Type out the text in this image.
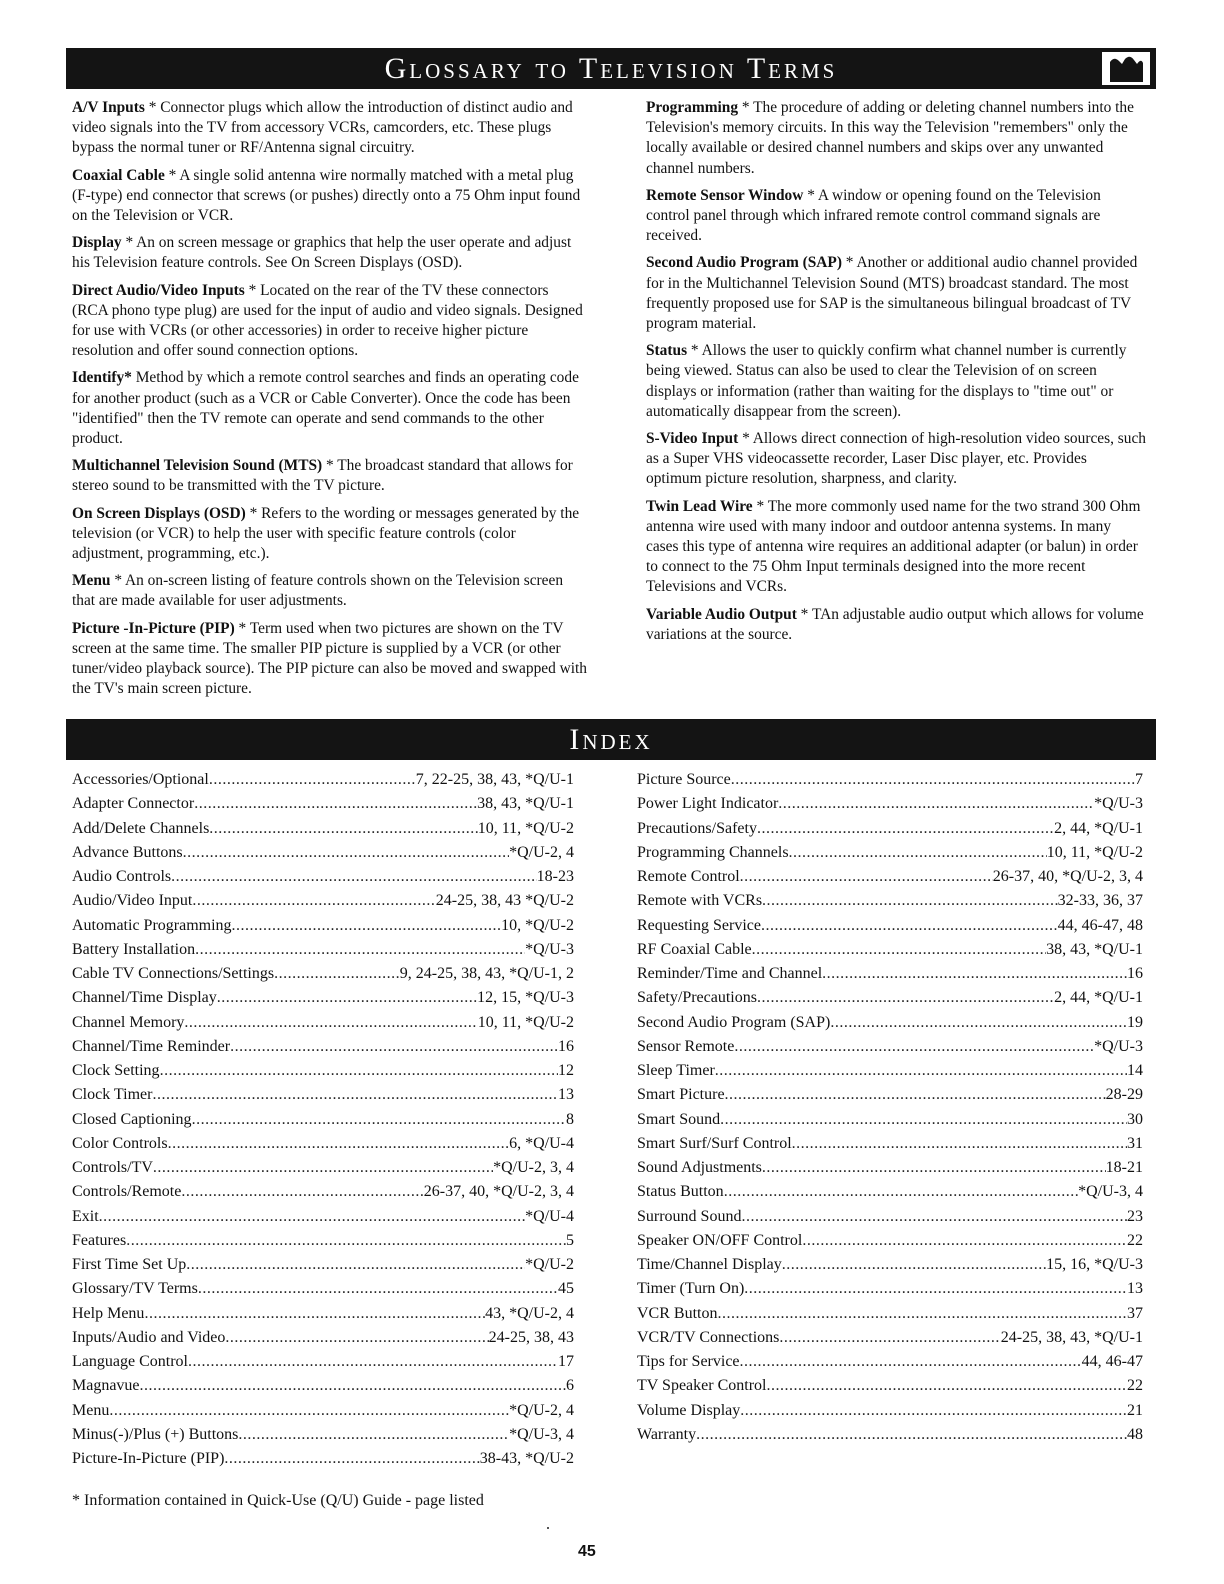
Glossary to Television Terms

A/V Inputs * Connector plugs which allow the introduction of distinct audio and video signals into the TV from accessory VCRs, camcorders, etc. These plugs bypass the normal tuner or RF/Antenna signal circuitry.

Coaxial Cable * A single solid antenna wire normally matched with a metal plug (F-type) end connector that screws (or pushes) directly onto a 75 Ohm input found on the Television or VCR.

Display * An on screen message or graphics that help the user operate and adjust his Television feature controls. See On Screen Displays (OSD).

Direct Audio/Video Inputs * Located on the rear of the TV these connectors (RCA phono type plug) are used for the input of audio and video signals. Designed for use with VCRs (or other accessories) in order to receive higher picture resolution and offer sound connection options.

Identify* Method by which a remote control searches and finds an operating code for another product (such as a VCR or Cable Converter). Once the code has been "identified" then the TV remote can operate and send commands to the other product.

Multichannel Television Sound (MTS) * The broadcast standard that allows for stereo sound to be transmitted with the TV picture.

On Screen Displays (OSD) * Refers to the wording or messages generated by the television (or VCR) to help the user with specific feature controls (color adjustment, programming, etc.).

Menu * An on-screen listing of feature controls shown on the Television screen that are made available for user adjustments.

Picture -In-Picture (PIP) * Term used when two pictures are shown on the TV screen at the same time. The smaller PIP picture is supplied by a VCR (or other tuner/video playback source). The PIP picture can also be moved and swapped with the TV's main screen picture.

Programming * The procedure of adding or deleting channel numbers into the Television's memory circuits. In this way the Television "remembers" only the locally available or desired channel numbers and skips over any unwanted channel numbers.

Remote Sensor Window * A window or opening found on the Television control panel through which infrared remote control command signals are received.

Second Audio Program (SAP) * Another or additional audio channel provided for in the Multichannel Television Sound (MTS) broadcast standard. The most frequently proposed use for SAP is the simultaneous bilingual broadcast of TV program material.

Status * Allows the user to quickly confirm what channel number is currently being viewed. Status can also be used to clear the Television of on screen displays or information (rather than waiting for the displays to "time out" or automatically disappear from the screen).

S-Video Input * Allows direct connection of high-resolution video sources, such as a Super VHS videocassette recorder, Laser Disc player, etc. Provides optimum picture resolution, sharpness, and clarity.

Twin Lead Wire * The more commonly used name for the two strand 300 Ohm antenna wire used with many indoor and outdoor antenna systems. In many cases this type of antenna wire requires an additional adapter (or balun) in order to connect to the 75 Ohm Input terminals designed into the more recent Televisions and VCRs.

Variable Audio Output * TAn adjustable audio output which allows for volume variations at the source.

Index
Accessories/Optional .....	7, 22-25, 38, 43, *Q/U-1
Adapter Connector .....	38, 43, *Q/U-1
Add/Delete Channels .....	10, 11, *Q/U-2
Advance Buttons .....	*Q/U-2, 4
Audio Controls .....	18-23
Audio/Video Input .....	24-25, 38, 43 *Q/U-2
Automatic Programming .....	10, *Q/U-2
Battery Installation .....	*Q/U-3
Cable TV Connections/Settings .....	9, 24-25, 38, 43, *Q/U-1, 2
Channel/Time Display .....	12, 15, *Q/U-3
Channel Memory .....	10, 11, *Q/U-2
Channel/Time Reminder .....	16
Clock Setting .....	12
Clock Timer .....	13
Closed Captioning .....	8
Color Controls .....	6, *Q/U-4
Controls/TV .....	*Q/U-2, 3, 4
Controls/Remote .....	26-37, 40, *Q/U-2, 3, 4
Exit .....	*Q/U-4
Features .....	5
First Time Set Up .....	*Q/U-2
Glossary/TV Terms .....	45
Help Menu .....	43, *Q/U-2, 4
Inputs/Audio and Video .....	24-25, 38, 43
Language Control .....	17
Magnavue .....	6
Menu .....	*Q/U-2, 4
Minus(-)/Plus (+) Buttons .....	*Q/U-3, 4
Picture-In-Picture (PIP) .....	38-43, *Q/U-2
Picture Source .....	7
Power Light Indicator .....	*Q/U-3
Precautions/Safety .....	2, 44, *Q/U-1
Programming Channels .....	10, 11, *Q/U-2
Remote Control .....	26-37, 40, *Q/U-2, 3, 4
Remote with VCRs .....	32-33, 36, 37
Requesting Service .....	44, 46-47, 48
RF Coaxial Cable .....	38, 43, *Q/U-1
Reminder/Time and Channel .....	16
Safety/Precautions .....	2, 44, *Q/U-1
Second Audio Program (SAP) .....	19
Sensor Remote .....	*Q/U-3
Sleep Timer .....	14
Smart Picture .....	28-29
Smart Sound .....	30
Smart Surf/Surf Control .....	31
Sound Adjustments .....	18-21
Status Button .....	*Q/U-3, 4
Surround Sound .....	23
Speaker ON/OFF Control .....	22
Time/Channel Display .....	15, 16, *Q/U-3
Timer (Turn On) .....	13
VCR Button .....	37
VCR/TV Connections .....	24-25, 38, 43, *Q/U-1
Tips for Service .....	44, 46-47
TV Speaker Control .....	22
Volume Display .....	21
Warranty .....	48
* Information contained in Quick-Use (Q/U) Guide - page listed
45
